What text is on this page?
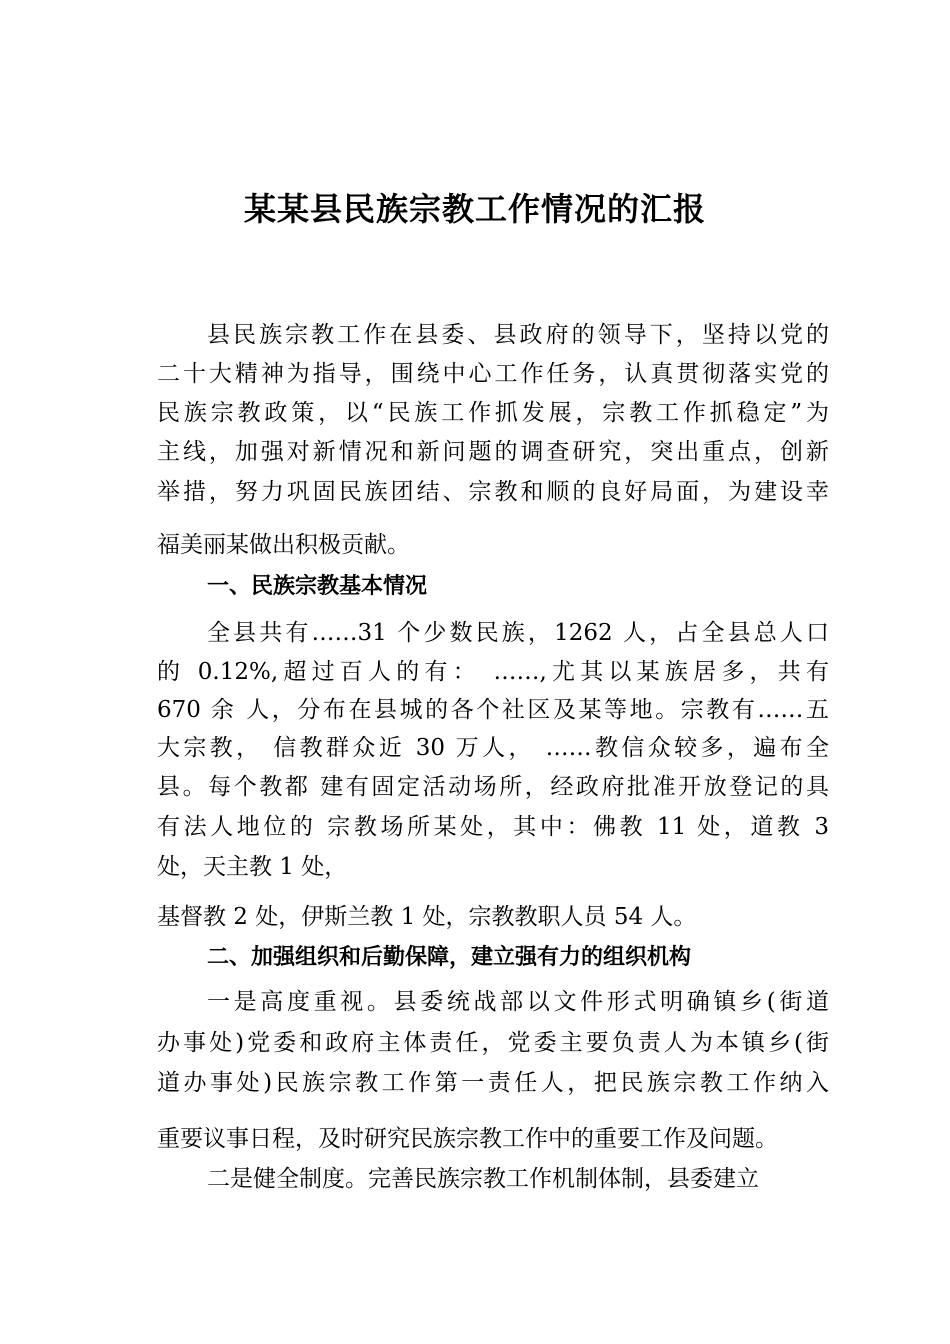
某某县民族宗教工作情况的汇报
县民族宗教工作在县委、县政府的领导下，坚持以党的
二十大精神为指导，围绕中心工作任务，认真贯彻落实党的
民族宗教政策，以“民族工作抓发展，宗教工作抓稳定”为
主线，加强对新情况和新问题的调查研究，突出重点，创新
举措，努力巩固民族团结、宗教和顺的良好局面，为建设幸
福美丽某做出积极贡献。
一、民族宗教基本情况
全县共有……31 个少数民族，1262 人，占全县总人口
的 0.12%,超过百人的有： ……,尤其以某族居多，共有
670 余 人，分布在县城的各个社区及某等地。宗教有……五
大宗教， 信教群众近 30 万人， ……教信众较多，遍布全
县。每个教都 建有固定活动场所，经政府批准开放登记的具
有法人地位的 宗教场所某处，其中：佛教 11 处，道教 3
处，天主教 1 处，
基督教 2 处，伊斯兰教 1 处，宗教教职人员 54 人。
二、加强组织和后勤保障，建立强有力的组织机构
一是高度重视。县委统战部以文件形式明确镇乡(街道
办事处)党委和政府主体责任，党委主要负责人为本镇乡(街
道办事处)民族宗教工作第一责任人，把民族宗教工作纳入
重要议事日程，及时研究民族宗教工作中的重要工作及问题。
二是健全制度。完善民族宗教工作机制体制，县委建立
